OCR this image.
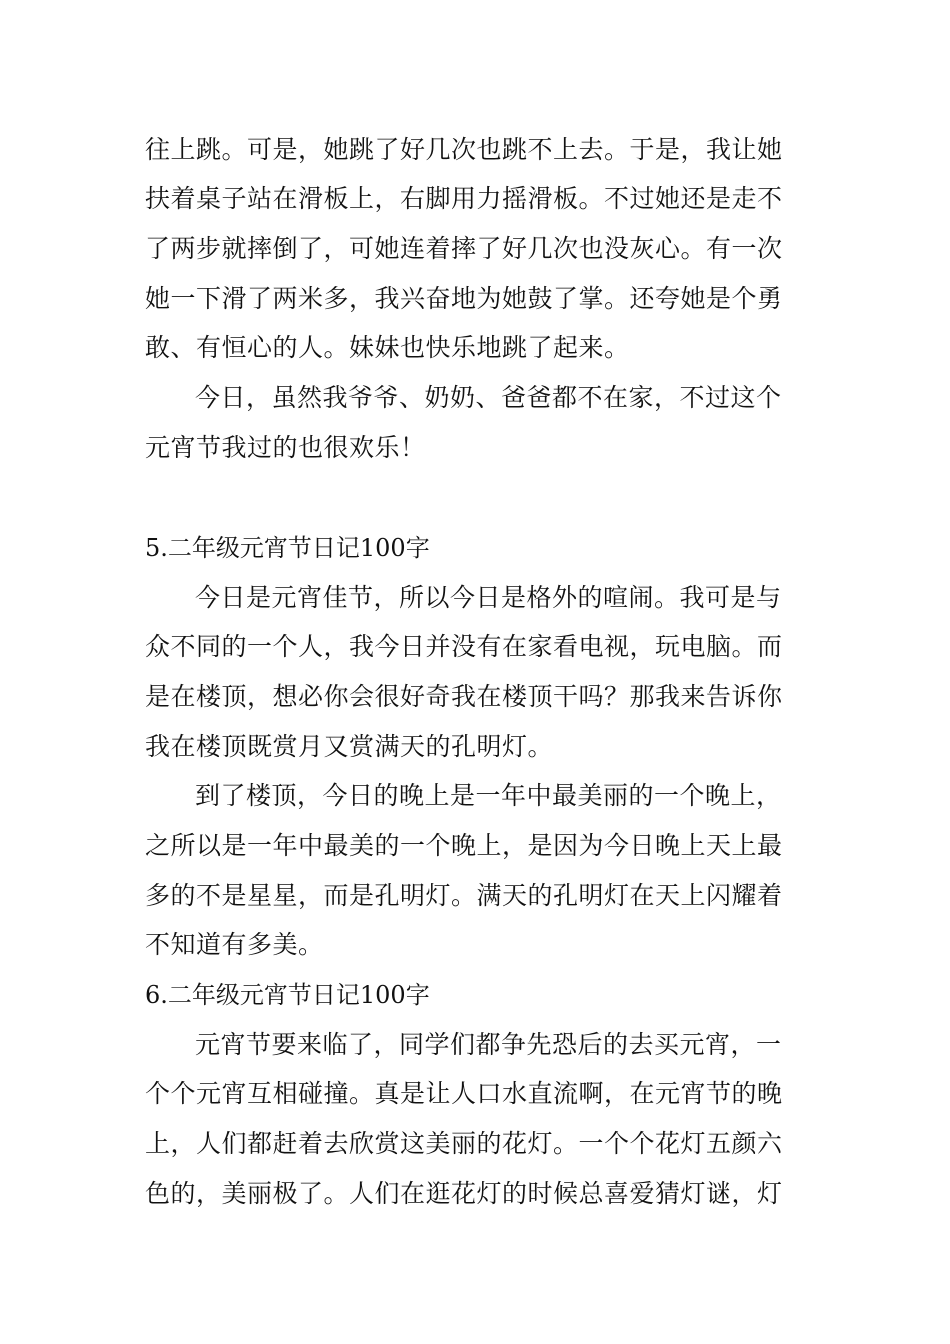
往上跳。可是，她跳了好几次也跳不上去。于是，我让她
扶着桌子站在滑板上，右脚用力摇滑板。不过她还是走不
了两步就摔倒了，可她连着摔了好几次也没灰心。有一次
她一下滑了两米多，我兴奋地为她鼓了掌。还夸她是个勇
敢、有恒心的人。妹妹也快乐地跳了起来。
今日，虽然我爷爷、奶奶、爸爸都不在家，不过这个
元宵节我过的也很欢乐！
5.二年级元宵节日记100字
今日是元宵佳节，所以今日是格外的喧闹。我可是与
众不同的一个人，我今日并没有在家看电视，玩电脑。而
是在楼顶，想必你会很好奇我在楼顶干吗？那我来告诉你
我在楼顶既赏月又赏满天的孔明灯。
到了楼顶，今日的晚上是一年中最美丽的一个晚上，
之所以是一年中最美的一个晚上，是因为今日晚上天上最
多的不是星星，而是孔明灯。满天的孔明灯在天上闪耀着
不知道有多美。
6.二年级元宵节日记100字
元宵节要来临了，同学们都争先恐后的去买元宵，一
个个元宵互相碰撞。真是让人口水直流啊，在元宵节的晚
上，人们都赶着去欣赏这美丽的花灯。一个个花灯五颜六
色的，美丽极了。人们在逛花灯的时候总喜爱猜灯谜，灯
